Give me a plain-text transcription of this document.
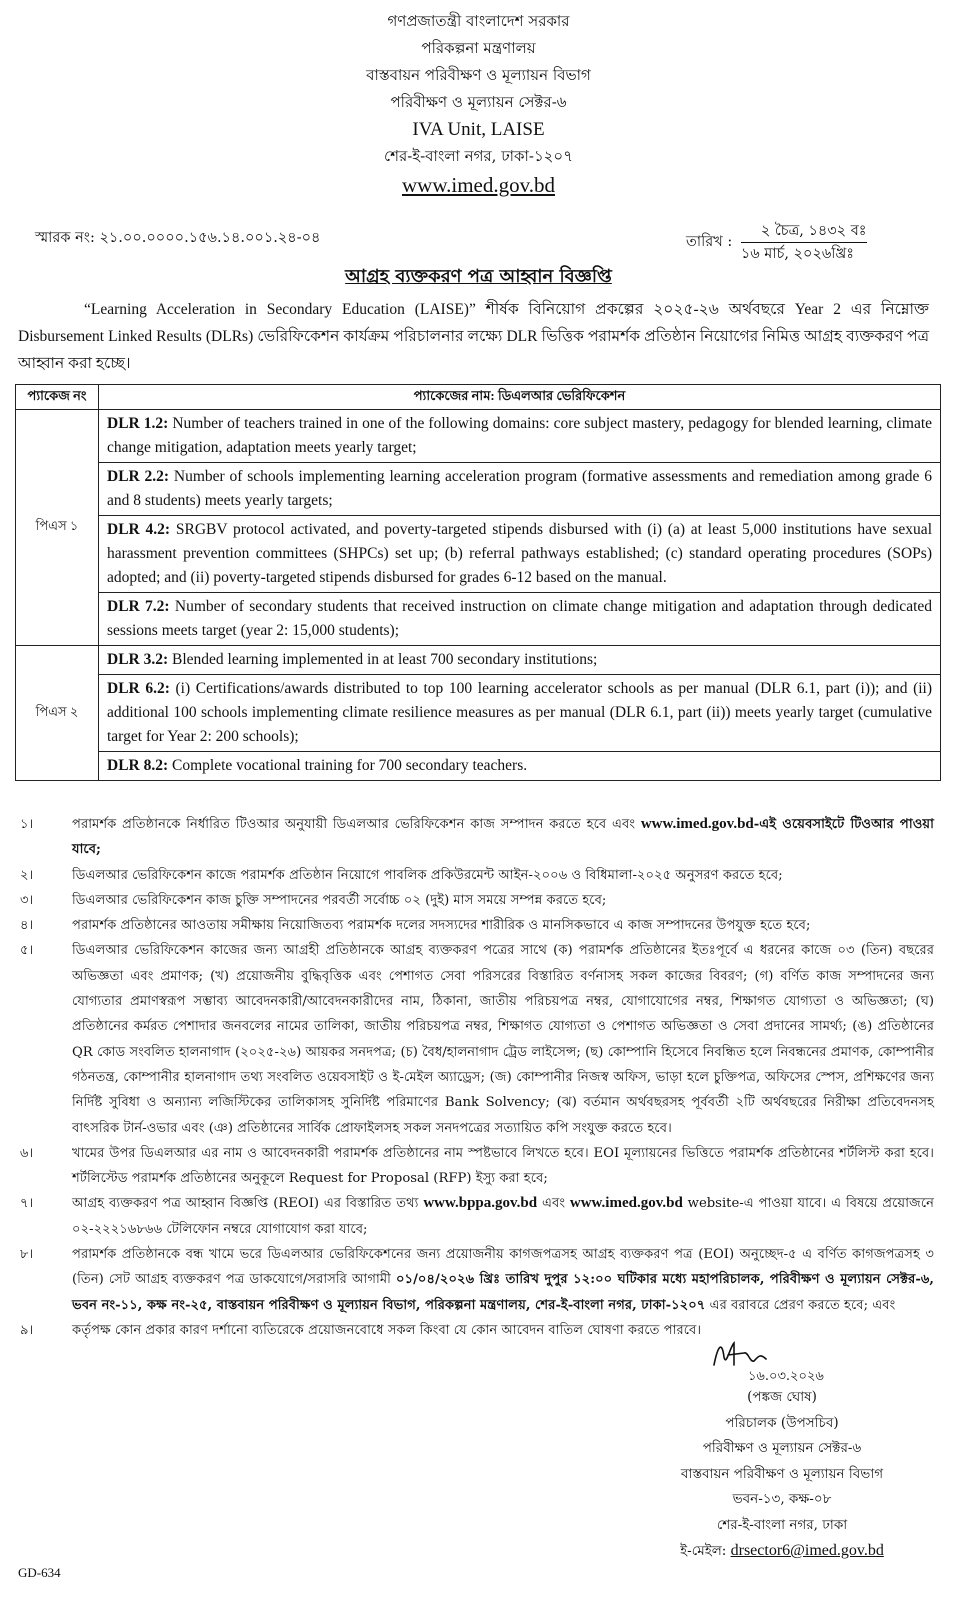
গণপ্রজাতন্ত্রী বাংলাদেশ সরকার
পরিকল্পনা মন্ত্রণালয়
বাস্তবায়ন পরিবীক্ষণ ও মূল্যায়ন বিভাগ
পরিবীক্ষণ ও মূল্যায়ন সেক্টর-৬
IVA Unit, LAISE
শের-ই-বাংলা নগর, ঢাকা-১২০৭
www.imed.gov.bd
স্মারক নং: ২১.০০.০০০০.১৫৬.১৪.০০১.২৪-০৪	তারিখ :
২ চৈত্র, ১৪৩২ বঃ
১৬ মার্চ, ২০২৬খ্রিঃ
আগ্রহ ব্যক্তকরণ পত্র আহ্বান বিজ্ঞপ্তি
“Learning Acceleration in Secondary Education (LAISE)” শীর্ষক বিনিয়োগ প্রকল্পের ২০২৫-২৬ অর্থবছরে Year 2 এর নিম্নোক্ত Disbursement Linked Results (DLRs) ভেরিফিকেশন কার্যক্রম পরিচালনার লক্ষ্যে DLR ভিত্তিক পরামর্শক প্রতিষ্ঠান নিয়োগের নিমিত্ত আগ্রহ ব্যক্তকরণ পত্র আহ্বান করা হচ্ছে।
প্যাকেজ নং	প্যাকেজের নাম: ডিএলআর ভেরিফিকেশন
পিএস ১	DLR 1.2: Number of teachers trained in one of the following domains: core subject mastery, pedagogy for blended learning, climate change mitigation, adaptation meets yearly target;
	DLR 2.2: Number of schools implementing learning acceleration program (formative assessments and remediation among grade 6 and 8 students) meets yearly targets;
	DLR 4.2: SRGBV protocol activated, and poverty-targeted stipends disbursed with (i) (a) at least 5,000 institutions have sexual harassment prevention committees (SHPCs) set up; (b) referral pathways established; (c) standard operating procedures (SOPs) adopted; and (ii) poverty-targeted stipends disbursed for grades 6-12 based on the manual.
	DLR 7.2: Number of secondary students that received instruction on climate change mitigation and adaptation through dedicated sessions meets target (year 2: 15,000 students);
পিএস ২	DLR 3.2: Blended learning implemented in at least 700 secondary institutions;
	DLR 6.2: (i) Certifications/awards distributed to top 100 learning accelerator schools as per manual (DLR 6.1, part (i)); and (ii) additional 100 schools implementing climate resilience measures as per manual (DLR 6.1, part (ii)) meets yearly target (cumulative target for Year 2: 200 schools);
	DLR 8.2: Complete vocational training for 700 secondary teachers.
১।	পরামর্শক প্রতিষ্ঠানকে নির্ধারিত টিওআর অনুযায়ী ডিএলআর ভেরিফিকেশন কাজ সম্পাদন করতে হবে এবং www.imed.gov.bd-এই ওয়েবসাইটে টিওআর পাওয়া যাবে;
২।	ডিএলআর ভেরিফিকেশন কাজে পরামর্শক প্রতিষ্ঠান নিয়োগে পাবলিক প্রকিউরমেন্ট আইন-২০০৬ ও বিধিমালা-২০২৫ অনুসরণ করতে হবে;
৩।	ডিএলআর ভেরিফিকেশন কাজ চুক্তি সম্পাদনের পরবর্তী সর্বোচ্চ ০২ (দুই) মাস সময়ে সম্পন্ন করতে হবে;
৪।	পরামর্শক প্রতিষ্ঠানের আওতায় সমীক্ষায় নিয়োজিতব্য পরামর্শক দলের সদস্যদের শারীরিক ও মানসিকভাবে এ কাজ সম্পাদনের উপযুক্ত হতে হবে;
৫।	ডিএলআর ভেরিফিকেশন কাজের জন্য আগ্রহী প্রতিষ্ঠানকে আগ্রহ ব্যক্তকরণ পত্রের সাথে (ক) পরামর্শক প্রতিষ্ঠানের ইতঃপূর্বে এ ধরনের কাজে ০৩ (তিন) বছরের অভিজ্ঞতা এবং প্রমাণক; (খ) প্রয়োজনীয় বুদ্ধিবৃত্তিক এবং পেশাগত সেবা পরিসরের বিস্তারিত বর্ণনাসহ সকল কাজের বিবরণ; (গ) বর্ণিত কাজ সম্পাদনের জন্য যোগ্যতার প্রমাণস্বরূপ সম্ভাব্য আবেদনকারী/আবেদনকারীদের নাম, ঠিকানা, জাতীয় পরিচয়পত্র নম্বর, যোগাযোগের নম্বর, শিক্ষাগত যোগ্যতা ও অভিজ্ঞতা; (ঘ) প্রতিষ্ঠানের কর্মরত পেশাদার জনবলের নামের তালিকা, জাতীয় পরিচয়পত্র নম্বর, শিক্ষাগত যোগ্যতা ও পেশাগত অভিজ্ঞতা ও সেবা প্রদানের সামর্থ্য; (ঙ) প্রতিষ্ঠানের QR কোড সংবলিত হালনাগাদ (২০২৫-২৬) আয়কর সনদপত্র; (চ) বৈধ/হালনাগাদ ট্রেড লাইসেন্স; (ছ) কোম্পানি হিসেবে নিবন্ধিত হলে নিবন্ধনের প্রমাণক, কোম্পানীর গঠনতন্ত্র, কোম্পানীর হালনাগাদ তথ্য সংবলিত ওয়েবসাইট ও ই-মেইল অ্যাড্রেস; (জ) কোম্পানীর নিজস্ব অফিস, ভাড়া হলে চুক্তিপত্র, অফিসের স্পেস, প্রশিক্ষণের জন্য নির্দিষ্ট সুবিধা ও অন্যান্য লজিস্টিকের তালিকাসহ সুনির্দিষ্ট পরিমাণের Bank Solvency; (ঝ) বর্তমান অর্থবছরসহ পূর্ববর্তী ২টি অর্থবছরের নিরীক্ষা প্রতিবেদনসহ বাৎসরিক টার্ন-ওভার এবং (ঞ) প্রতিষ্ঠানের সার্বিক প্রোফাইলসহ সকল সনদপত্রের সত্যায়িত কপি সংযুক্ত করতে হবে।
৬।	খামের উপর ডিএলআর এর নাম ও আবেদনকারী পরামর্শক প্রতিষ্ঠানের নাম স্পষ্টভাবে লিখতে হবে। EOI মূল্যায়নের ভিত্তিতে পরামর্শক প্রতিষ্ঠানের শর্টলিস্ট করা হবে। শর্টলিস্টেড পরামর্শক প্রতিষ্ঠানের অনুকূলে Request for Proposal (RFP) ইস্যু করা হবে;
৭।	আগ্রহ ব্যক্তকরণ পত্র আহ্বান বিজ্ঞপ্তি (REOI) এর বিস্তারিত তথ্য www.bppa.gov.bd এবং www.imed.gov.bd website-এ পাওয়া যাবে। এ বিষয়ে প্রয়োজনে ০২-২২২১৬৮৬৬ টেলিফোন নম্বরে যোগাযোগ করা যাবে;
৮।	পরামর্শক প্রতিষ্ঠানকে বন্ধ খামে ভরে ডিএলআর ভেরিফিকেশনের জন্য প্রয়োজনীয় কাগজপত্রসহ আগ্রহ ব্যক্তকরণ পত্র (EOI) অনুচ্ছেদ-৫ এ বর্ণিত কাগজপত্রসহ ৩ (তিন) সেট আগ্রহ ব্যক্তকরণ পত্র ডাকযোগে/সরাসরি আগামী ০১/০৪/২০২৬ খ্রিঃ তারিখ দুপুর ১২:০০ ঘটিকার মধ্যে মহাপরিচালক, পরিবীক্ষণ ও মূল্যায়ন সেক্টর-৬, ভবন নং-১১, কক্ষ নং-২৫, বাস্তবায়ন পরিবীক্ষণ ও মূল্যায়ন বিভাগ, পরিকল্পনা মন্ত্রণালয়, শের-ই-বাংলা নগর, ঢাকা-১২০৭ এর বরাবরে প্রেরণ করতে হবে; এবং
৯।	কর্তৃপক্ষ কোন প্রকার কারণ দর্শানো ব্যতিরেকে প্রয়োজনবোধে সকল কিংবা যে কোন আবেদন বাতিল ঘোষণা করতে পারবে।
১৬.০৩.২০২৬
(পঙ্কজ ঘোষ)
পরিচালক (উপসচিব)
পরিবীক্ষণ ও মূল্যায়ন সেক্টর-৬
বাস্তবায়ন পরিবীক্ষণ ও মূল্যায়ন বিভাগ
ভবন-১৩, কক্ষ-০৮
শের-ই-বাংলা নগর, ঢাকা
ই-মেইল: drsector6@imed.gov.bd
GD-634
